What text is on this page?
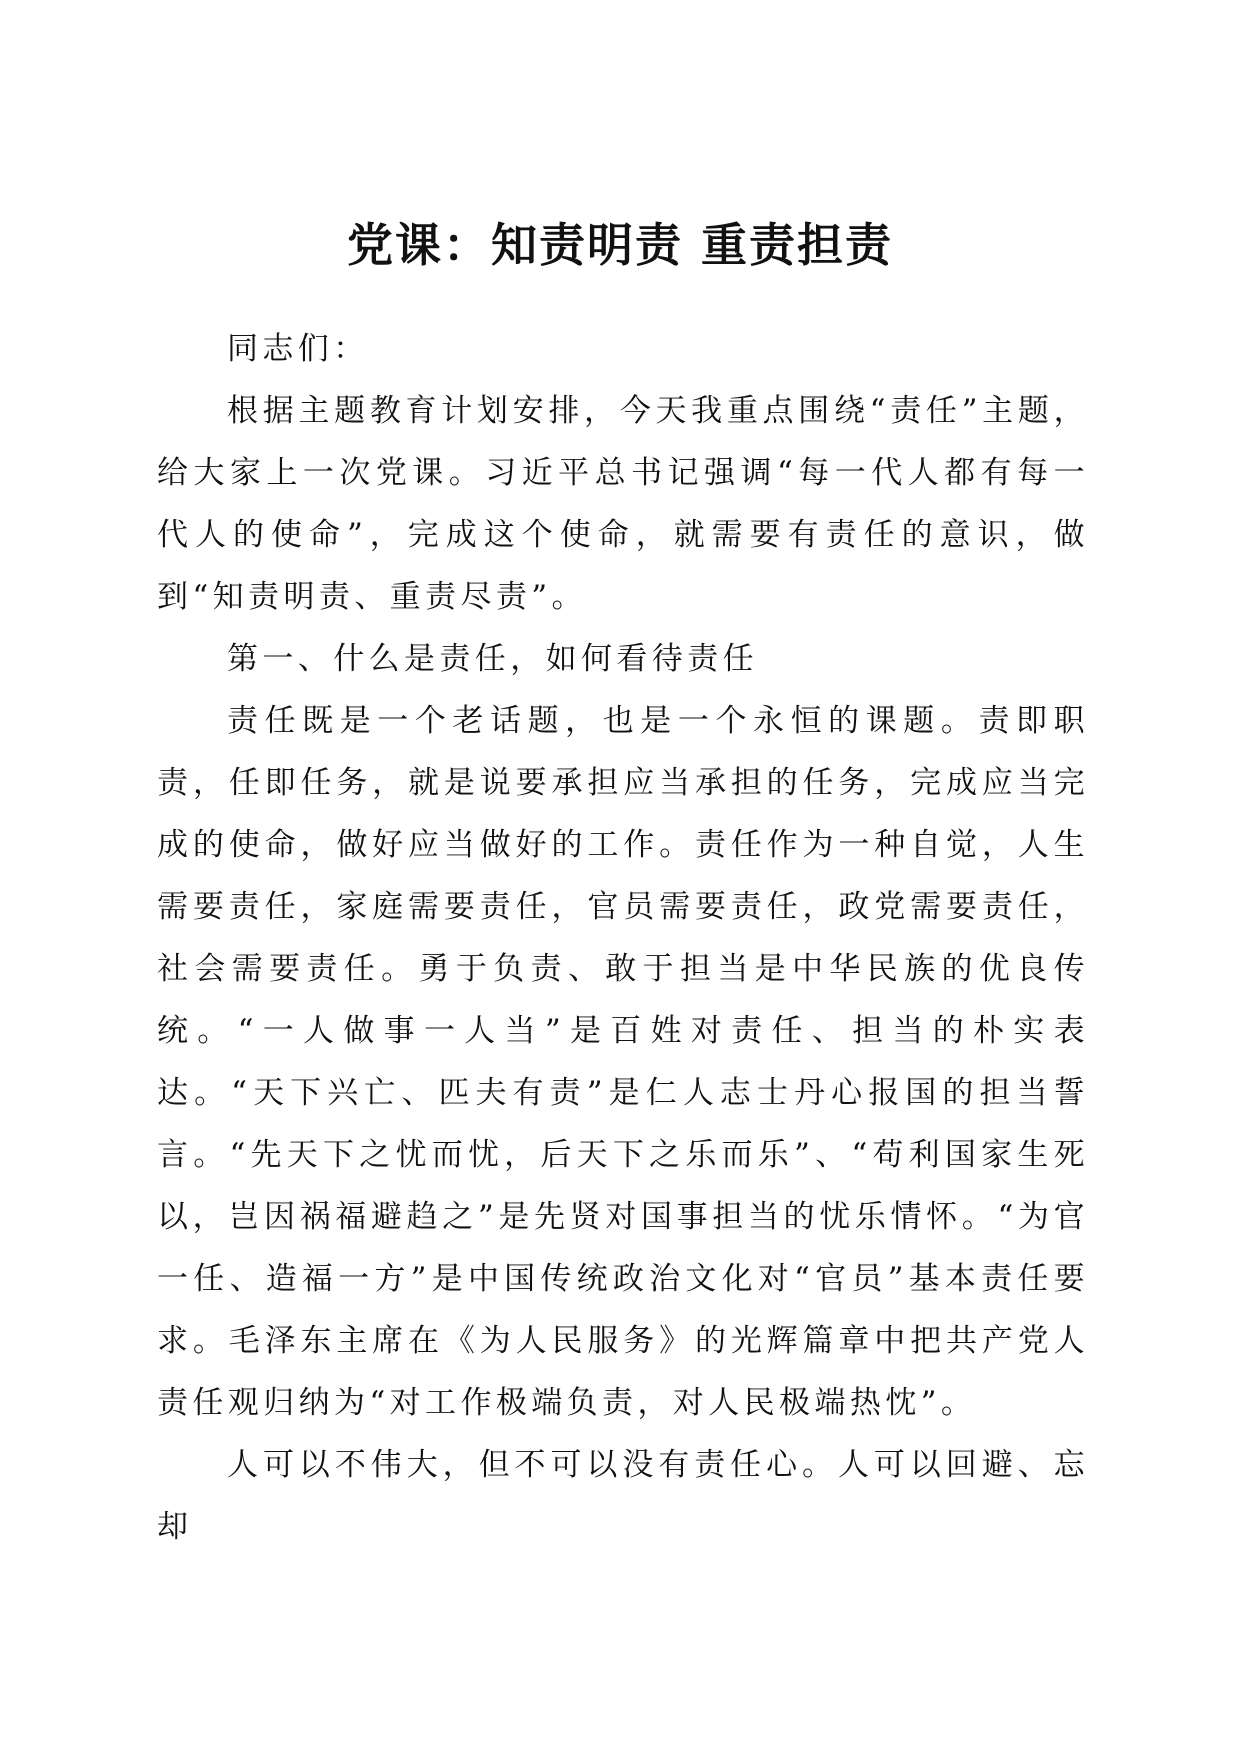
党课：知责明责 重责担责

同志们：

根据主题教育计划安排，今天我重点围绕“责任”主题，给大家上一次党课。习近平总书记强调“每一代人都有每一代人的使命”，完成这个使命，就需要有责任的意识，做到“知责明责、重责尽责”。

第一、什么是责任，如何看待责任

责任既是一个老话题，也是一个永恒的课题。责即职责，任即任务，就是说要承担应当承担的任务，完成应当完成的使命，做好应当做好的工作。责任作为一种自觉，人生需要责任，家庭需要责任，官员需要责任，政党需要责任，社会需要责任。勇于负责、敢于担当是中华民族的优良传统。“一人做事一人当”是百姓对责任、担当的朴实表达。“天下兴亡、匹夫有责”是仁人志士丹心报国的担当誓言。“先天下之忧而忧，后天下之乐而乐”、“苟利国家生死以，岂因祸福避趋之”是先贤对国事担当的忧乐情怀。“为官一任、造福一方”是中国传统政治文化对“官员”基本责任要求。毛泽东主席在《为人民服务》的光辉篇章中把共产党人责任观归纳为“对工作极端负责，对人民极端热忱”。

人可以不伟大，但不可以没有责任心。人可以回避、忘却
